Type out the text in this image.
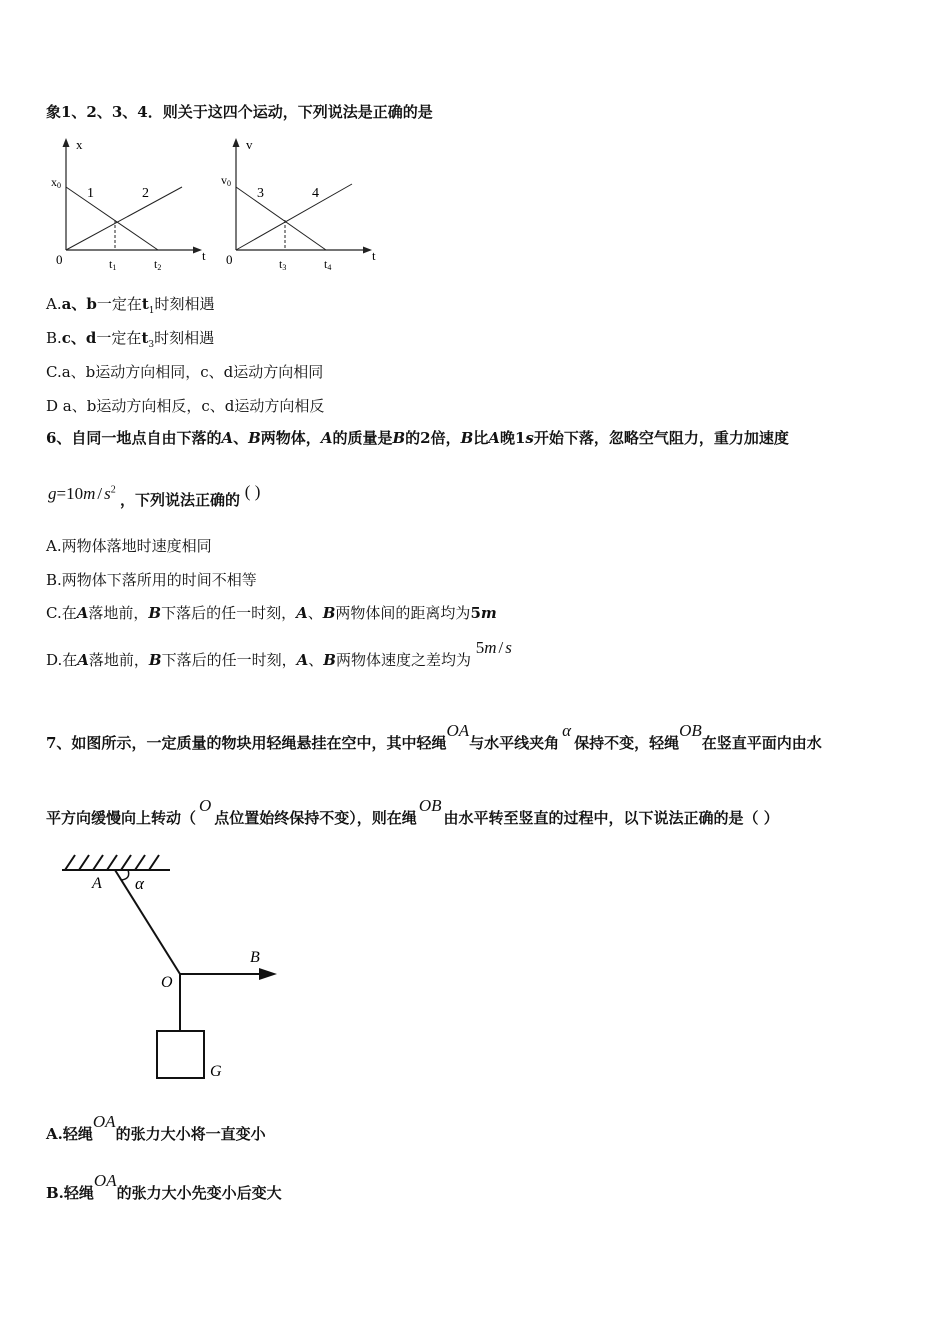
象1、2、3、4．则关于这四个运动，下列说法是正确的是
x
t
0
x0
1	2
t1	t2
v
t
0
v0
3	4
t3	t4
A.a、b一定在$t_1$时刻相遇
B.c、d一定在$t_3$时刻相遇
C.a、b运动方向相同，c、d运动方向相同
D a、b运动方向相反，c、d运动方向相反
6、自同一地点自由下落的A、B两物体，A的质量是B的2倍，B比A晚1s开始下落，忽略空气阻力，重力加速度
$g=10m / s^2$ ，下列说法正确的 ( )
A.两物体落地时速度相同
B.两物体下落所用的时间不相等
C.在A落地前，B下落后的任一时刻，A、B两物体间的距离均为5m
D.在A落地前，B下落后的任一时刻，A、B两物体速度之差均为 5m / s
7、如图所示，一定质量的物块用轻绳悬挂在空中，其中轻绳OA与水平线夹角α保持不变，轻绳OB在竖直平面内由水
平方向缓慢向上转动（O点位置始终保持不变），则在绳OB由水平转至竖直的过程中，以下说法正确的是（ ）
A α
O
B
G
A.轻绳OA的张力大小将一直变小
B.轻绳OA的张力大小先变小后变大
